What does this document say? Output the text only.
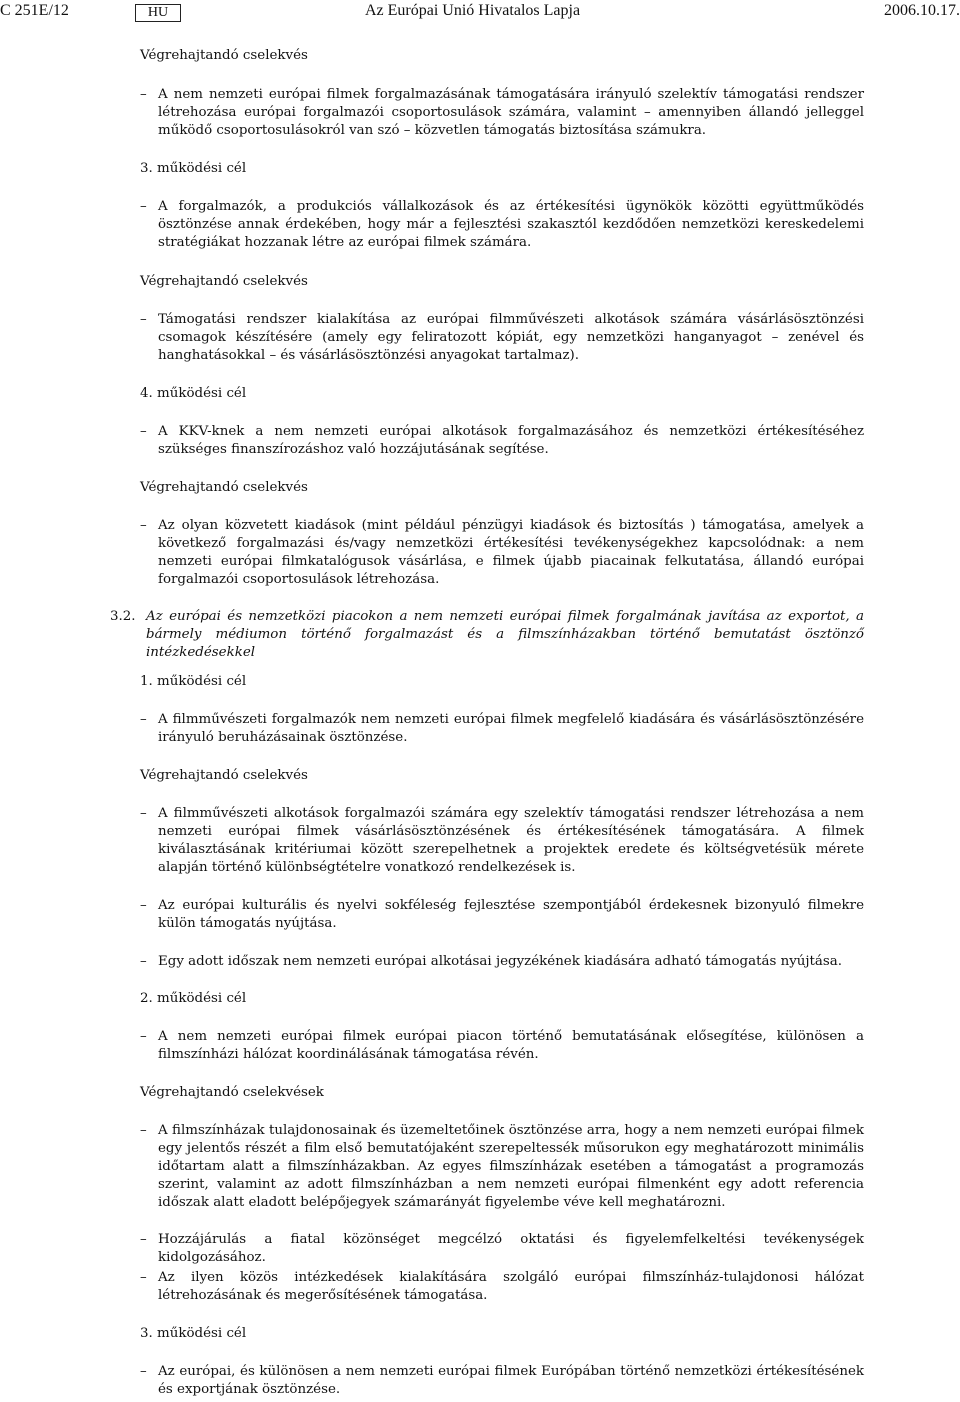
C 251E/12	HU	Az Európai Unió Hivatalos Lapja	2006.10.17.
Végrehajtandó cselekvés
– A nem nemzeti európai filmek forgalmazásának támogatására irányuló szelektív támogatási rendszer létrehozása európai forgalmazói csoportosulások számára, valamint – amennyiben állandó jelleggel működő csoportosulásokról van szó – közvetlen támogatás biztosítása számukra.
3. működési cél
– A forgalmazók, a produkciós vállalkozások és az értékesítési ügynökök közötti együttműködés ösztönzése annak érdekében, hogy már a fejlesztési szakasztól kezdődően nemzetközi kereskedelemi stratégiákat hozzanak létre az európai filmek számára.
Végrehajtandó cselekvés
– Támogatási rendszer kialakítása az európai filmművészeti alkotások számára vásárlásösztönzési csomagok készítésére (amely egy feliratozott kópiát, egy nemzetközi hanganyagot – zenével és hanghatásokkal – és vásárlásösztönzési anyagokat tartalmaz).
4. működési cél
– A KKV-knek a nem nemzeti európai alkotások forgalmazásához és nemzetközi értékesítéséhez szükséges finanszírozáshoz való hozzájutásának segítése.
Végrehajtandó cselekvés
– Az olyan közvetett kiadások (mint például pénzügyi kiadások és biztosítás ) támogatása, amelyek a következő forgalmazási és/vagy nemzetközi értékesítési tevékenységekhez kapcsolódnak: a nem nemzeti európai filmkatalógusok vásárlása, e filmek újabb piacainak felkutatása, állandó európai forgalmazói csoportosulások létrehozása.
3.2. Az európai és nemzetközi piacokon a nem nemzeti európai filmek forgalmának javítása az exportot, a bármely médiumon történő forgalmazást és a filmszínházakban történő bemutatást ösztönző intézkedésekkel
1. működési cél
– A filmművészeti forgalmazók nem nemzeti európai filmek megfelelő kiadására és vásárlásösztönzésére irányuló beruházásainak ösztönzése.
Végrehajtandó cselekvés
– A filmművészeti alkotások forgalmazói számára egy szelektív támogatási rendszer létrehozása a nem nemzeti európai filmek vásárlásösztönzésének és értékesítésének támogatására. A filmek kiválasztásának kritériumai között szerepelhetnek a projektek eredete és költségvetésük mérete alapján történő különbségtételre vonatkozó rendelkezések is.
– Az európai kulturális és nyelvi sokféleség fejlesztése szempontjából érdekesnek bizonyuló filmekre külön támogatás nyújtása.
– Egy adott időszak nem nemzeti európai alkotásai jegyzékének kiadására adható támogatás nyújtása.
2. működési cél
– A nem nemzeti európai filmek európai piacon történő bemutatásának elősegítése, különösen a filmszínházi hálózat koordinálásának támogatása révén.
Végrehajtandó cselekvések
– A filmszínházak tulajdonosainak és üzemeltetőinek ösztönzése arra, hogy a nem nemzeti európai filmek egy jelentős részét a film első bemutatójaként szerepeltessék műsorukon egy meghatározott minimális időtartam alatt a filmszínházakban. Az egyes filmszínházak esetében a támogatást a programozás szerint, valamint az adott filmszínházban a nem nemzeti európai filmenként egy adott referencia időszak alatt eladott belépőjegyek számarányát figyelembe véve kell meghatározni.
– Hozzájárulás a fiatal közönséget megcélzó oktatási és figyelemfelkeltési tevékenységek kidolgozásához.
– Az ilyen közös intézkedések kialakítására szolgáló európai filmszínház-tulajdonosi hálózat létrehozásának és megerősítésének támogatása.
3. működési cél
– Az európai, és különösen a nem nemzeti európai filmek Európában történő nemzetközi értékesítésének és exportjának ösztönzése.
